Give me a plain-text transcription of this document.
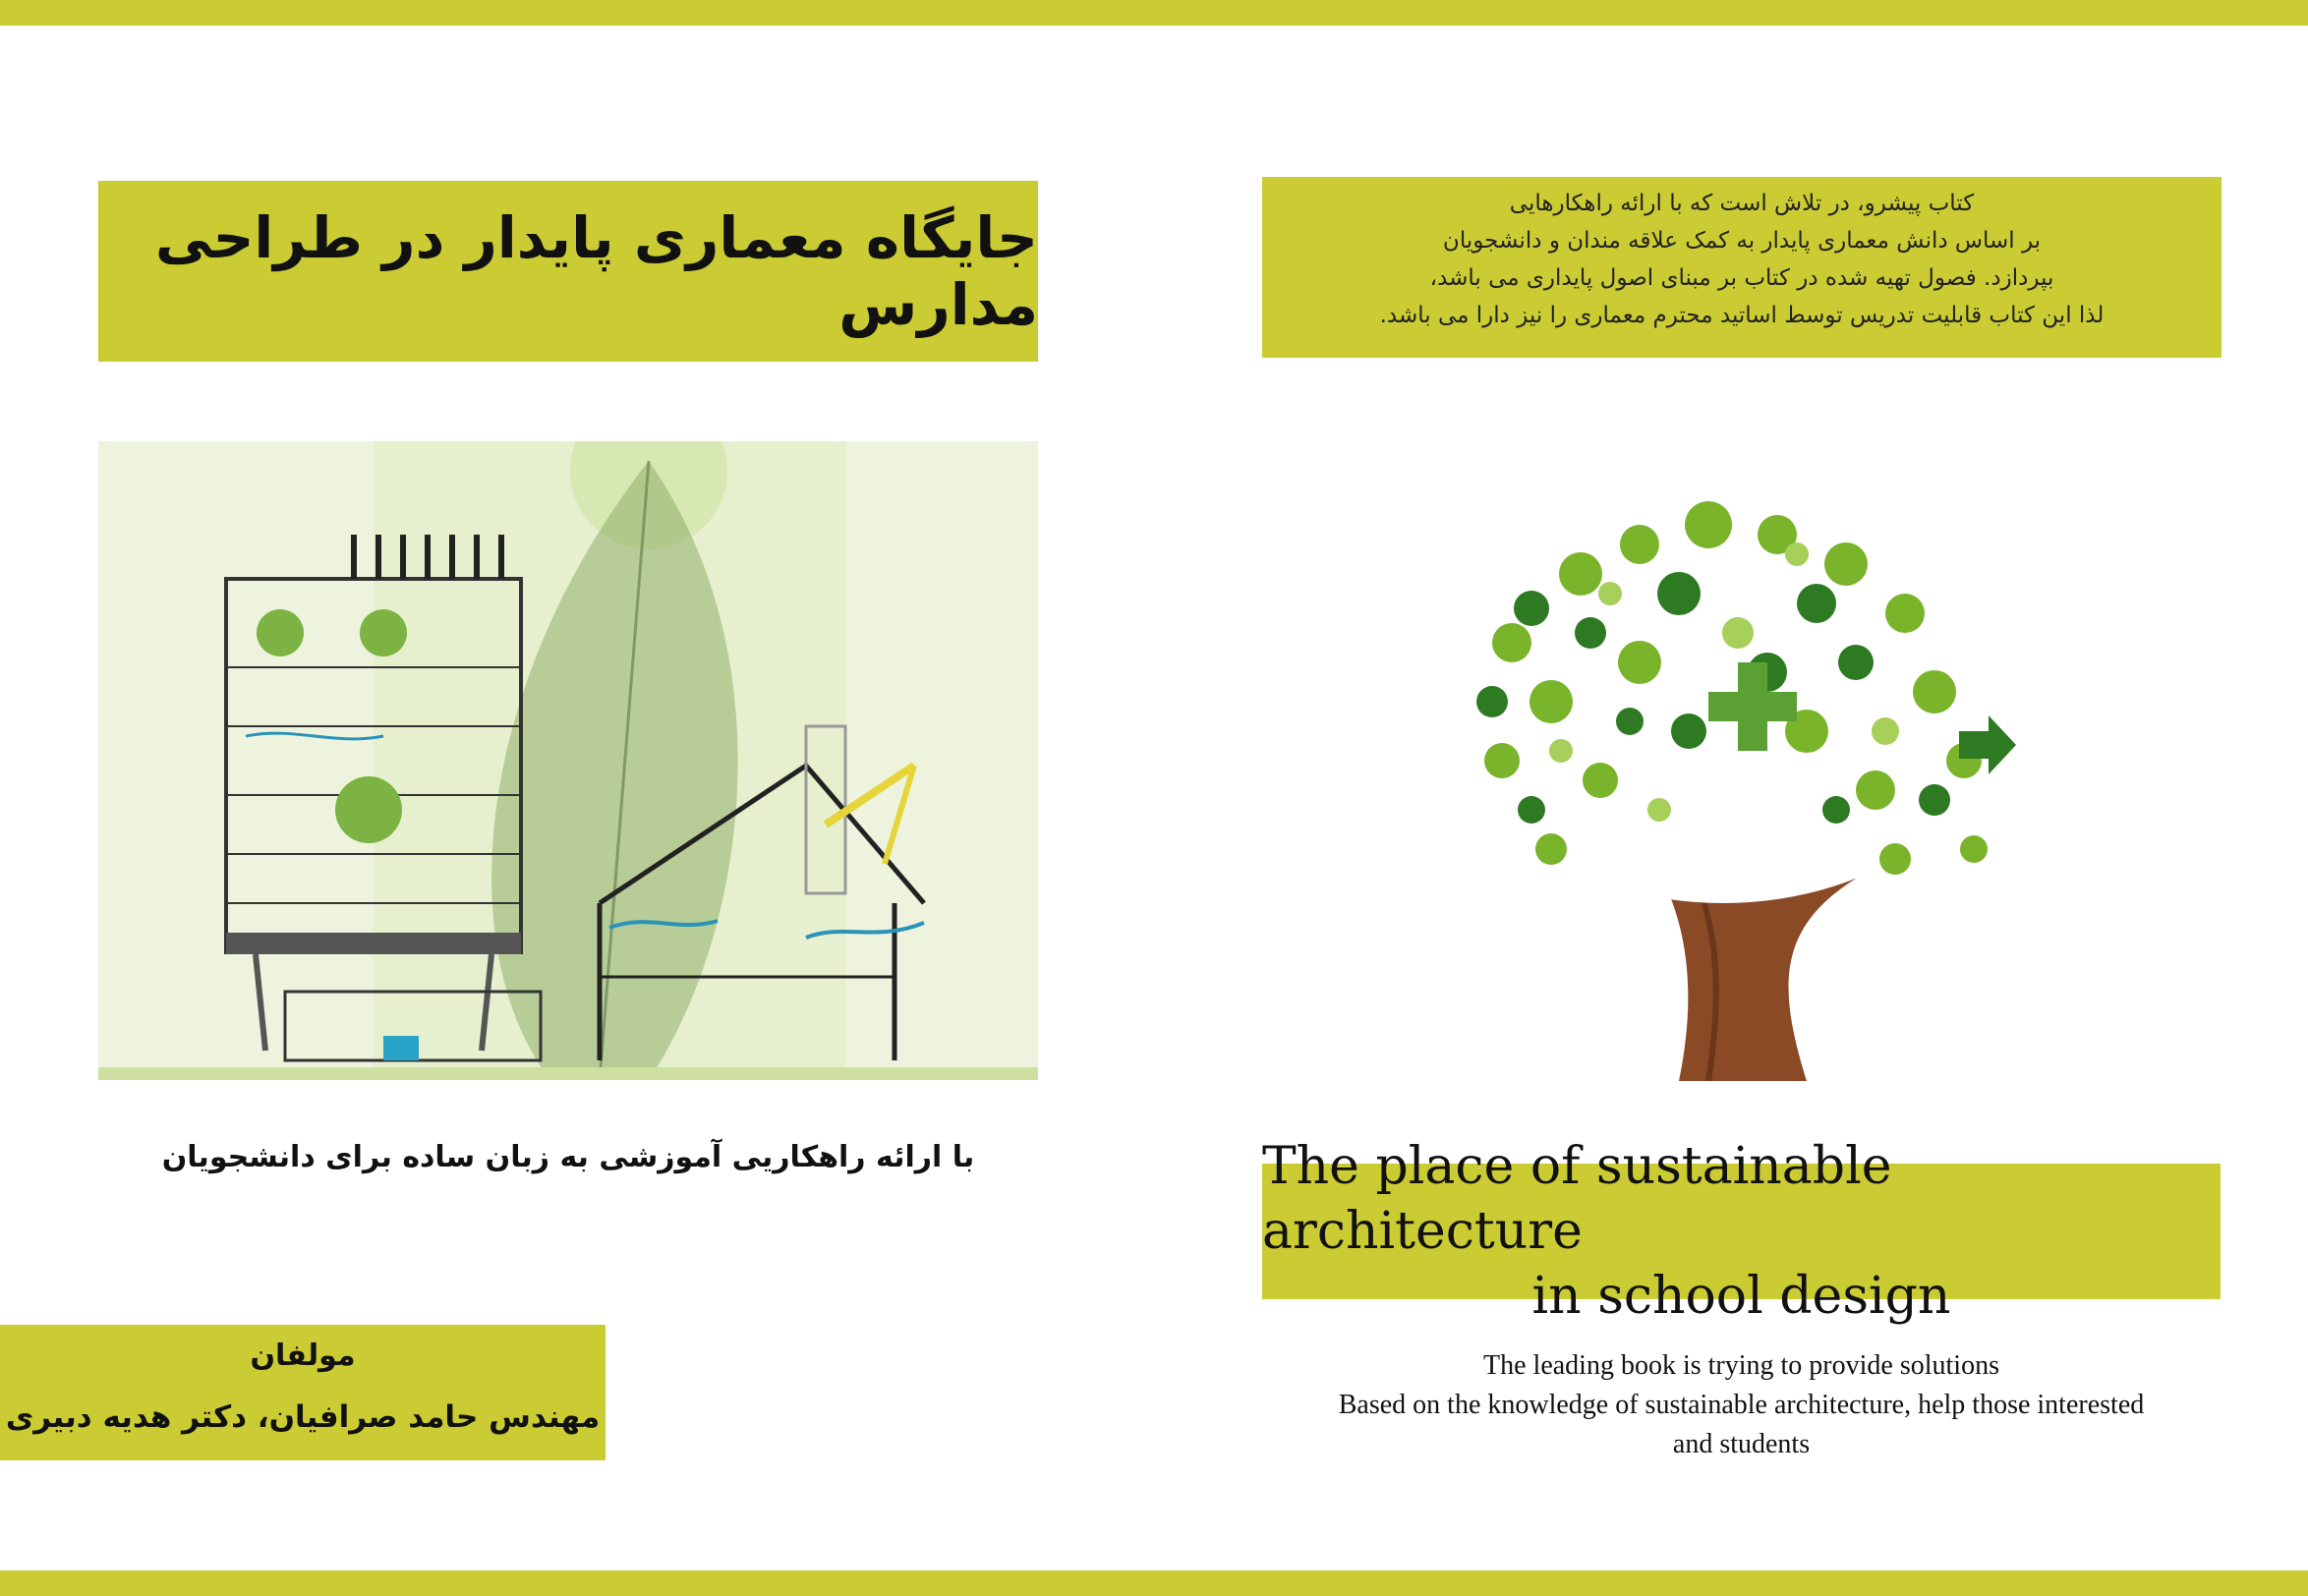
جایگاه معماری پایدار در طراحی مدارس
با ارائه راهکاریی آموزشی به زبان ساده برای دانشجویان
مولفان
مهندس حامد صرافیان، دکتر هدیه دبیری
کتاب پیشرو، در تلاش است که با ارائه راهکارهایی
بر اساس دانش معماری پایدار به کمک علاقه مندان و دانشجویان
بپردازد. فصول تهیه شده در کتاب بر مبنای اصول پایداری می باشد،
لذا این کتاب قابلیت تدریس توسط اساتید محترم معماری را نیز دارا می باشد.
The place of sustainable architecture
in school design
The leading book is trying to provide solutions
Based on the knowledge of sustainable architecture, help those interested
and students
